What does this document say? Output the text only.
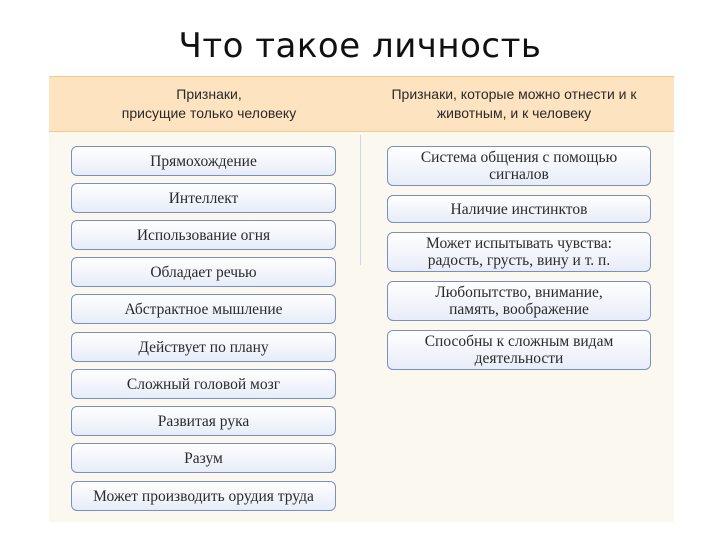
Что такое личность
Признаки,
присущие только человеку
Признаки, которые можно отнести и к
животным, и к человеку
Прямохождение
Интеллект
Использование огня
Обладает речью
Абстрактное мышление
Действует по плану
Сложный головой мозг
Развитая рука
Разум
Может производить орудия труда
Система общения с помощью сигналов
Наличие инстинктов
Может испытывать чувства: радость, грусть, вину и т. п.
Любопытство, внимание, память, воображение
Способны к сложным видам деятельности
